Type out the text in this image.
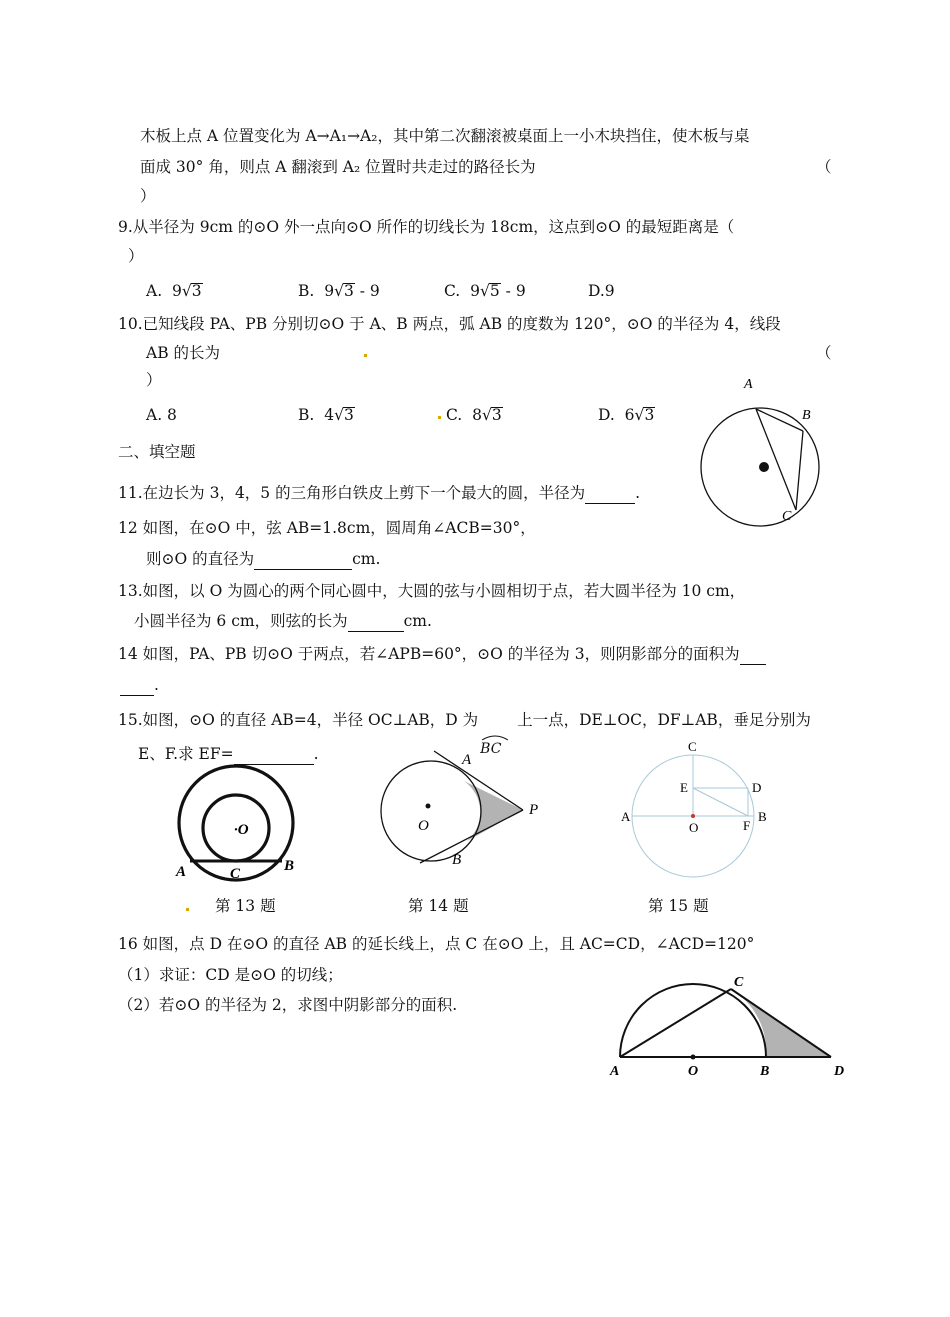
木板上点 A 位置变化为 A→A₁→A₂，其中第二次翻滚被桌面上一小木块挡住，使木板与桌
面成 30° 角，则点 A 翻滚到 A₂ 位置时共走过的路径长为	（
）
9.从半径为 9cm 的⊙O 外一点向⊙O 所作的切线长为 18cm，这点到⊙O 的最短距离是（
）
A. 9√3	B. 9√3 - 9	C. 9√5 - 9	D.9
10.已知线段 PA、PB 分别切⊙O 于 A、B 两点，弧 AB 的度数为 120°，⊙O 的半径为 4，线段
AB 的长为	（
）
A. 8	B. 4√3	C. 8√3	D. 6√3
二、填空题
11.在边长为 3，4，5 的三角形白铁皮上剪下一个最大的圆，半径为	.
12 如图，在⊙O 中，弦 AB=1.8cm，圆周角∠ACB=30°，
则⊙O 的直径为	cm.
13.如图，以 O 为圆心的两个同心圆中，大圆的弦与小圆相切于点，若大圆半径为 10 cm，
小圆半径为 6 cm，则弦的长为	cm.
14 如图，PA、PB 切⊙O 于两点，若∠APB=60°，⊙O 的半径为 3，则阴影部分的面积为
.
15.如图，⊙O 的直径 AB=4，半径 OC⊥AB，D 为
BC
上一点，DE⊥OC，DF⊥AB，垂足分别为
E、F.求 EF=	.
A
B
C
·O
A	C	B
A
B
O
P
C
E	D
A
O	F
B
第 13 题	第 14 题	第 15 题
16 如图，点 D 在⊙O 的直径 AB 的延长线上，点 C 在⊙O 上，且 AC=CD，∠ACD=120°
（1）求证：CD 是⊙O 的切线；
（2）若⊙O 的半径为 2，求图中阴影部分的面积.
A	O	B	D
C
